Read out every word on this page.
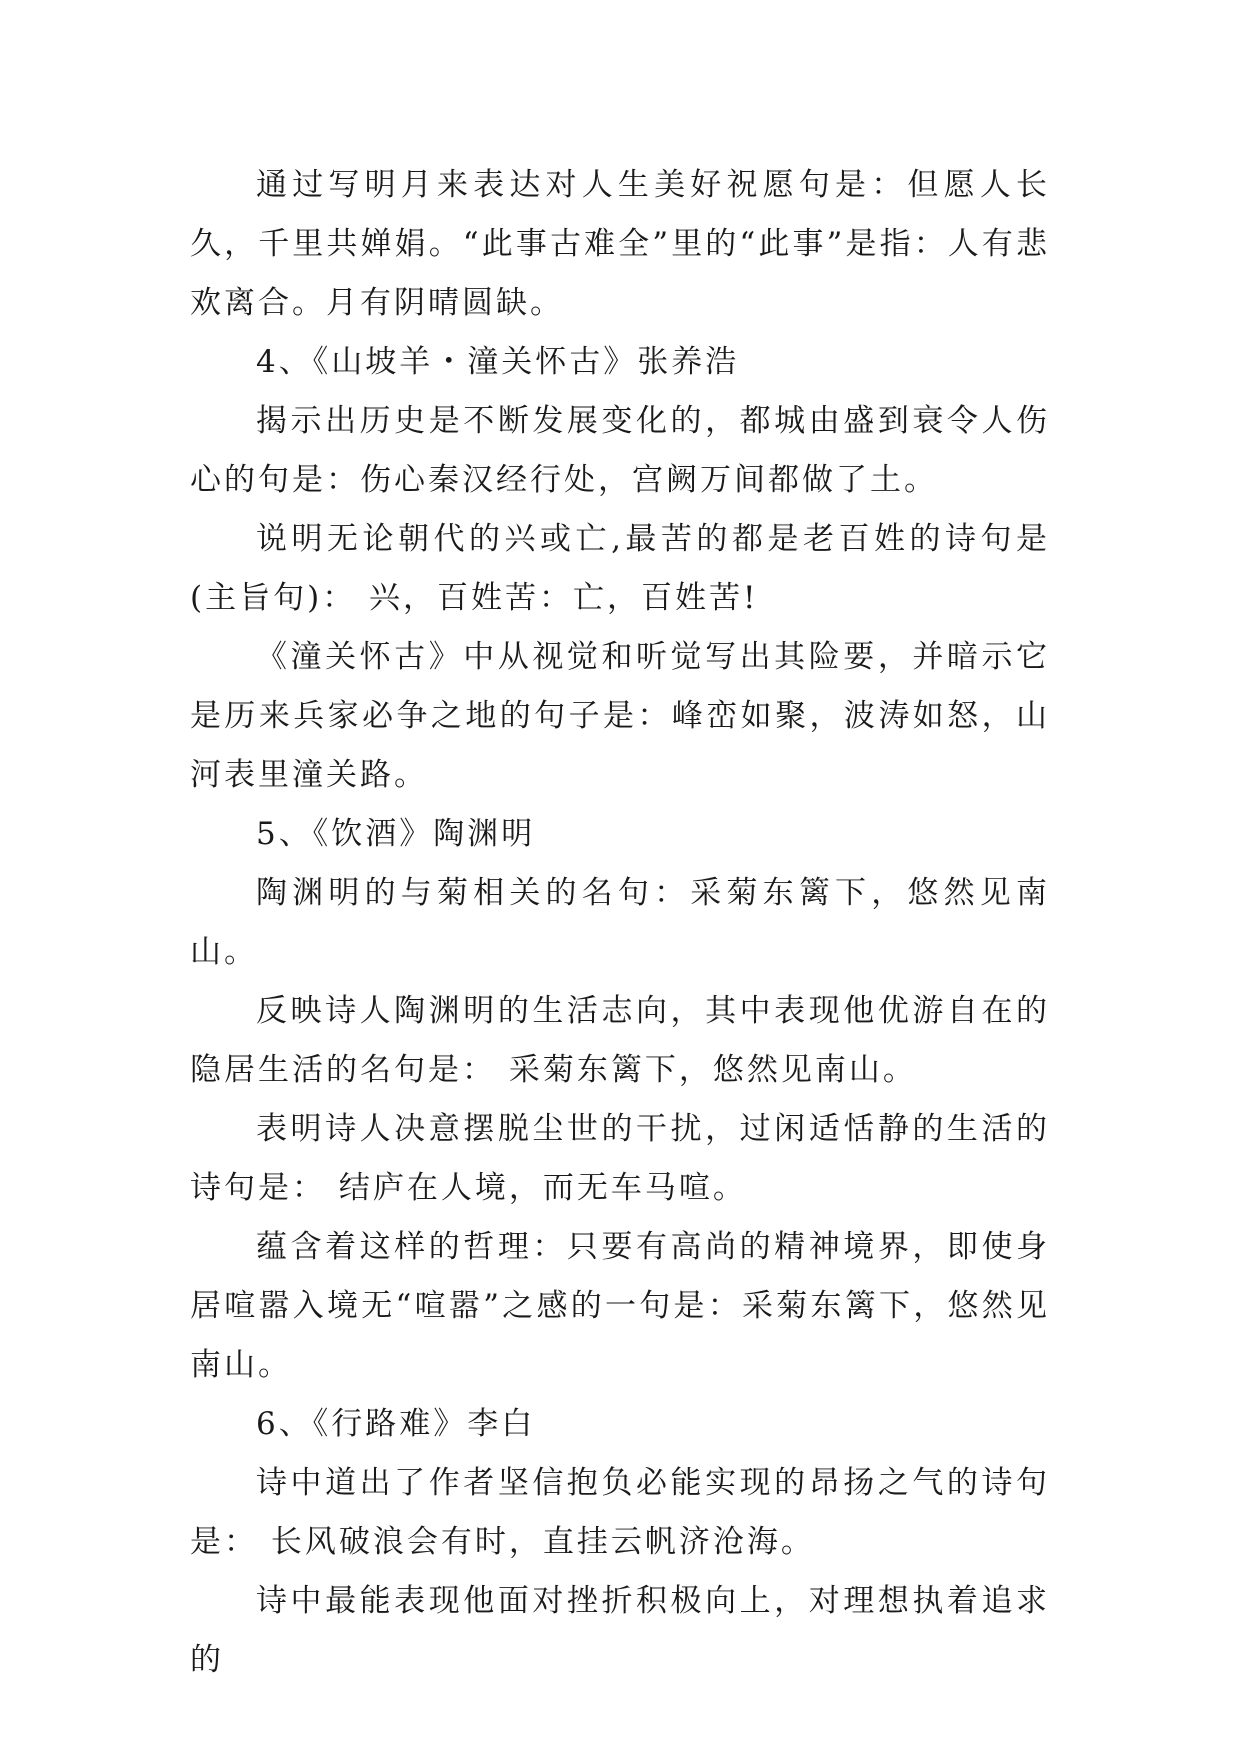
通过写明月来表达对人生美好祝愿句是：但愿人长久，千里共婵娟。“此事古难全”里的“此事”是指：人有悲欢离合。月有阴晴圆缺。

4、《山坡羊・潼关怀古》张养浩

揭示出历史是不断发展变化的，都城由盛到衰令人伤心的句是：伤心秦汉经行处，宫阙万间都做了土。

说明无论朝代的兴或亡,最苦的都是老百姓的诗句是(主旨句)： 兴，百姓苦：亡，百姓苦!

《潼关怀古》中从视觉和听觉写出其险要，并暗示它是历来兵家必争之地的句子是：峰峦如聚，波涛如怒，山河表里潼关路。

5、《饮酒》陶渊明

陶渊明的与菊相关的名句：采菊东篱下，悠然见南山。

反映诗人陶渊明的生活志向，其中表现他优游自在的隐居生活的名句是： 采菊东篱下，悠然见南山。

表明诗人决意摆脱尘世的干扰，过闲适恬静的生活的诗句是： 结庐在人境，而无车马喧。

蕴含着这样的哲理：只要有高尚的精神境界，即使身居喧嚣入境无“喧嚣”之感的一句是：采菊东篱下，悠然见南山。

6、《行路难》李白

诗中道出了作者坚信抱负必能实现的昂扬之气的诗句是： 长风破浪会有时，直挂云帆济沧海。

诗中最能表现他面对挫折积极向上，对理想执着追求的
